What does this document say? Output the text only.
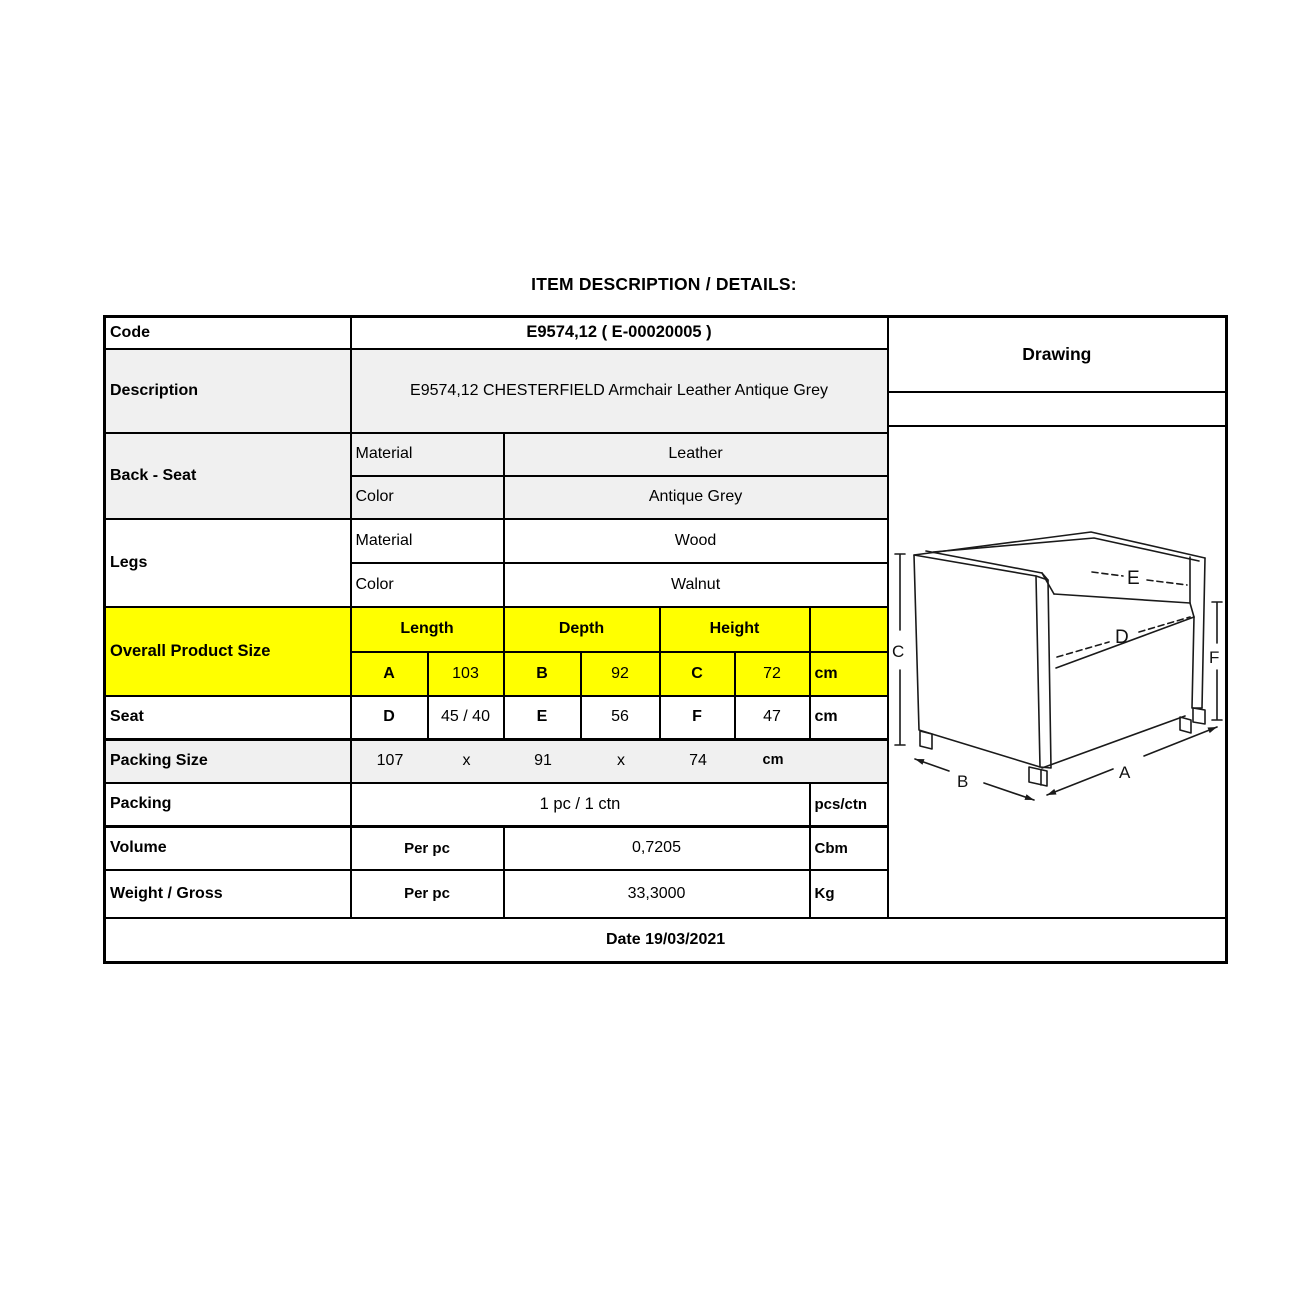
ITEM DESCRIPTION / DETAILS:
Code	E9574,12 ( E-00020005 )	
Drawing
C	F
E
D
A
B

Description	E9574,12 CHESTERFIELD Armchair Leather Antique Grey							
Back - Seat	Material		Leather					
	Color		Antique Grey					
Legs	Material		Wood					
	Color		Walnut					
Overall Product Size	Length		Depth		Height			
	A	103	B	92	C	72	cm	
Seat	D	45 / 40	E	56	F	47	cm	
Packing Size	107	x	91	x	74	cm

Packing	1 pc / 1 ctn						pcs/ctn	
Volume	Per pc		0,7205				Cbm	
Weight / Gross	Per pc		33,3000				Kg	
Date 19/03/2021								
